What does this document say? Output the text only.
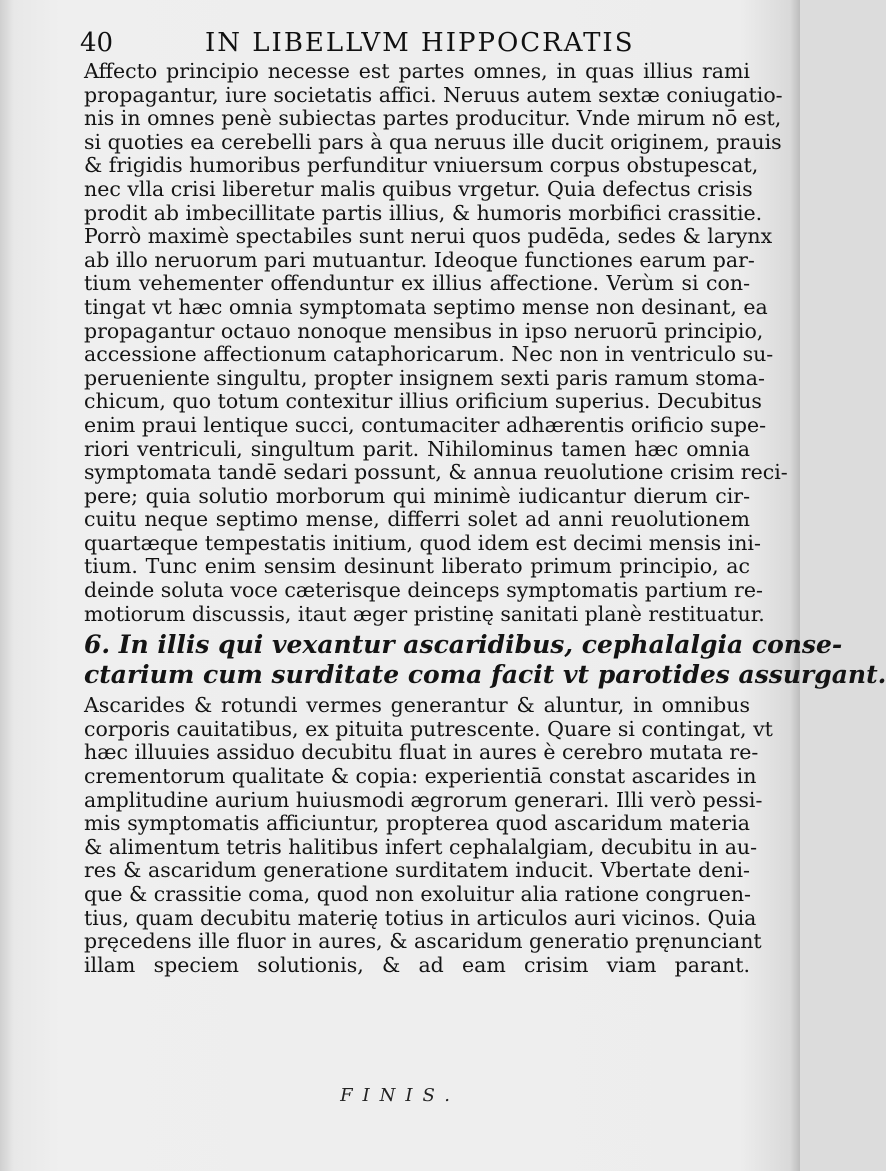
40	IN LIBELLVM HIPPOCRATIS
Affecto principio necesse est partes omnes, in quas illius rami
propagantur, iure societatis affici. Neruus autem sextæ coniugatio-
nis in omnes penè subiectas partes producitur. Vnde mirum nō est,
si quoties ea cerebelli pars à qua neruus ille ducit originem, prauis
& frigidis humoribus perfunditur vniuersum corpus obstupescat,
nec vlla crisi liberetur malis quibus vrgetur. Quia defectus crisis
prodit ab imbecillitate partis illius, & humoris morbifici crassitie.
Porrò maximè spectabiles sunt nerui quos pudēda, sedes & larynx
ab illo neruorum pari mutuantur. Ideoque functiones earum par-
tium vehementer offenduntur ex illius affectione. Verùm si con-
tingat vt hæc omnia symptomata septimo mense non desinant, ea
propagantur octauo nonoque mensibus in ipso neruorū principio,
accessione affectionum cataphoricarum. Nec non in ventriculo su-
perueniente singultu, propter insignem sexti paris ramum stoma-
chicum, quo totum contexitur illius orificium superius. Decubitus
enim praui lentique succi, contumaciter adhærentis orificio supe-
riori ventriculi, singultum parit. Nihilominus tamen hæc omnia
symptomata tandē sedari possunt, & annua reuolutione crisim reci-
pere; quia solutio morborum qui minimè iudicantur dierum cir-
cuitu neque septimo mense, differri solet ad anni reuolutionem
quartæque tempestatis initium, quod idem est decimi mensis ini-
tium. Tunc enim sensim desinunt liberato primum principio, ac
deinde soluta voce cæterisque deinceps symptomatis partium re-
motiorum discussis, itaut æger pristinę sanitati planè restituatur.
6. In illis qui vexantur ascaridibus, cephalalgia conse-
ctarium cum surditate coma facit vt parotides assurgant.
Ascarides & rotundi vermes generantur & aluntur, in omnibus
corporis cauitatibus, ex pituita putrescente. Quare si contingat, vt
hæc illuuies assiduo decubitu fluat in aures è cerebro mutata re-
crementorum qualitate & copia: experientiā constat ascarides in
amplitudine aurium huiusmodi ægrorum generari. Illi verò pessi-
mis symptomatis afficiuntur, propterea quod ascaridum materia
& alimentum tetris halitibus infert cephalalgiam, decubitu in au-
res & ascaridum generatione surditatem inducit. Vbertate deni-
que & crassitie coma, quod non exoluitur alia ratione congruen-
tius, quam decubitu materię totius in articulos auri vicinos. Quia
pręcedens ille fluor in aures, & ascaridum generatio pręnunciant
illam speciem solutionis, & ad eam crisim viam parant.
FINIS.
